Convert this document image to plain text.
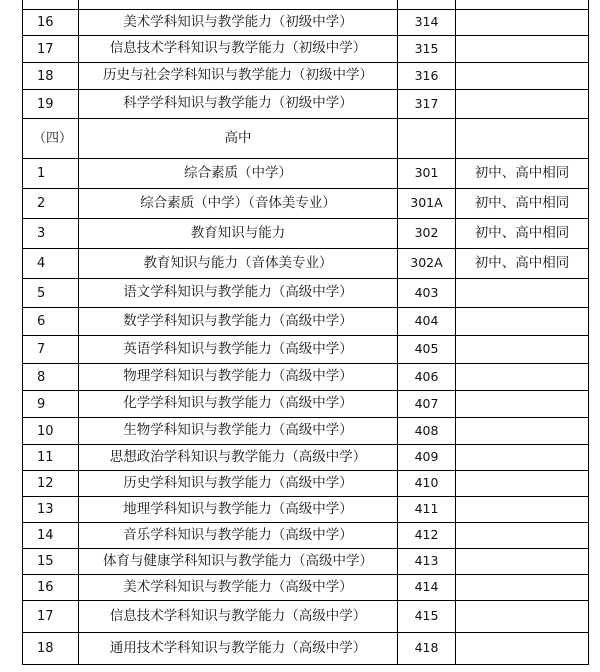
16	美术学科知识与教学能力（初级中学）	314	
17	信息技术学科知识与教学能力（初级中学）	315	
18	历史与社会学科知识与教学能力（初级中学）	316	
19	科学学科知识与教学能力（初级中学）	317	
（四）	高中		
1	综合素质（中学）	301	初中、高中相同
2	综合素质（中学）（音体美专业）	301A	初中、高中相同
3	教育知识与能力	302	初中、高中相同
4	教育知识与能力（音体美专业）	302A	初中、高中相同
5	语文学科知识与教学能力（高级中学）	403	
6	数学学科知识与教学能力（高级中学）	404	
7	英语学科知识与教学能力（高级中学）	405	
8	物理学科知识与教学能力（高级中学）	406	
9	化学学科知识与教学能力（高级中学）	407	
10	生物学科知识与教学能力（高级中学）	408	
11	思想政治学科知识与教学能力（高级中学）	409	
12	历史学科知识与教学能力（高级中学）	410	
13	地理学科知识与教学能力（高级中学）	411	
14	音乐学科知识与教学能力（高级中学）	412	
15	体育与健康学科知识与教学能力（高级中学）	413	
16	美术学科知识与教学能力（高级中学）	414	
17	信息技术学科知识与教学能力（高级中学）	415	
18	通用技术学科知识与教学能力（高级中学）	418	
